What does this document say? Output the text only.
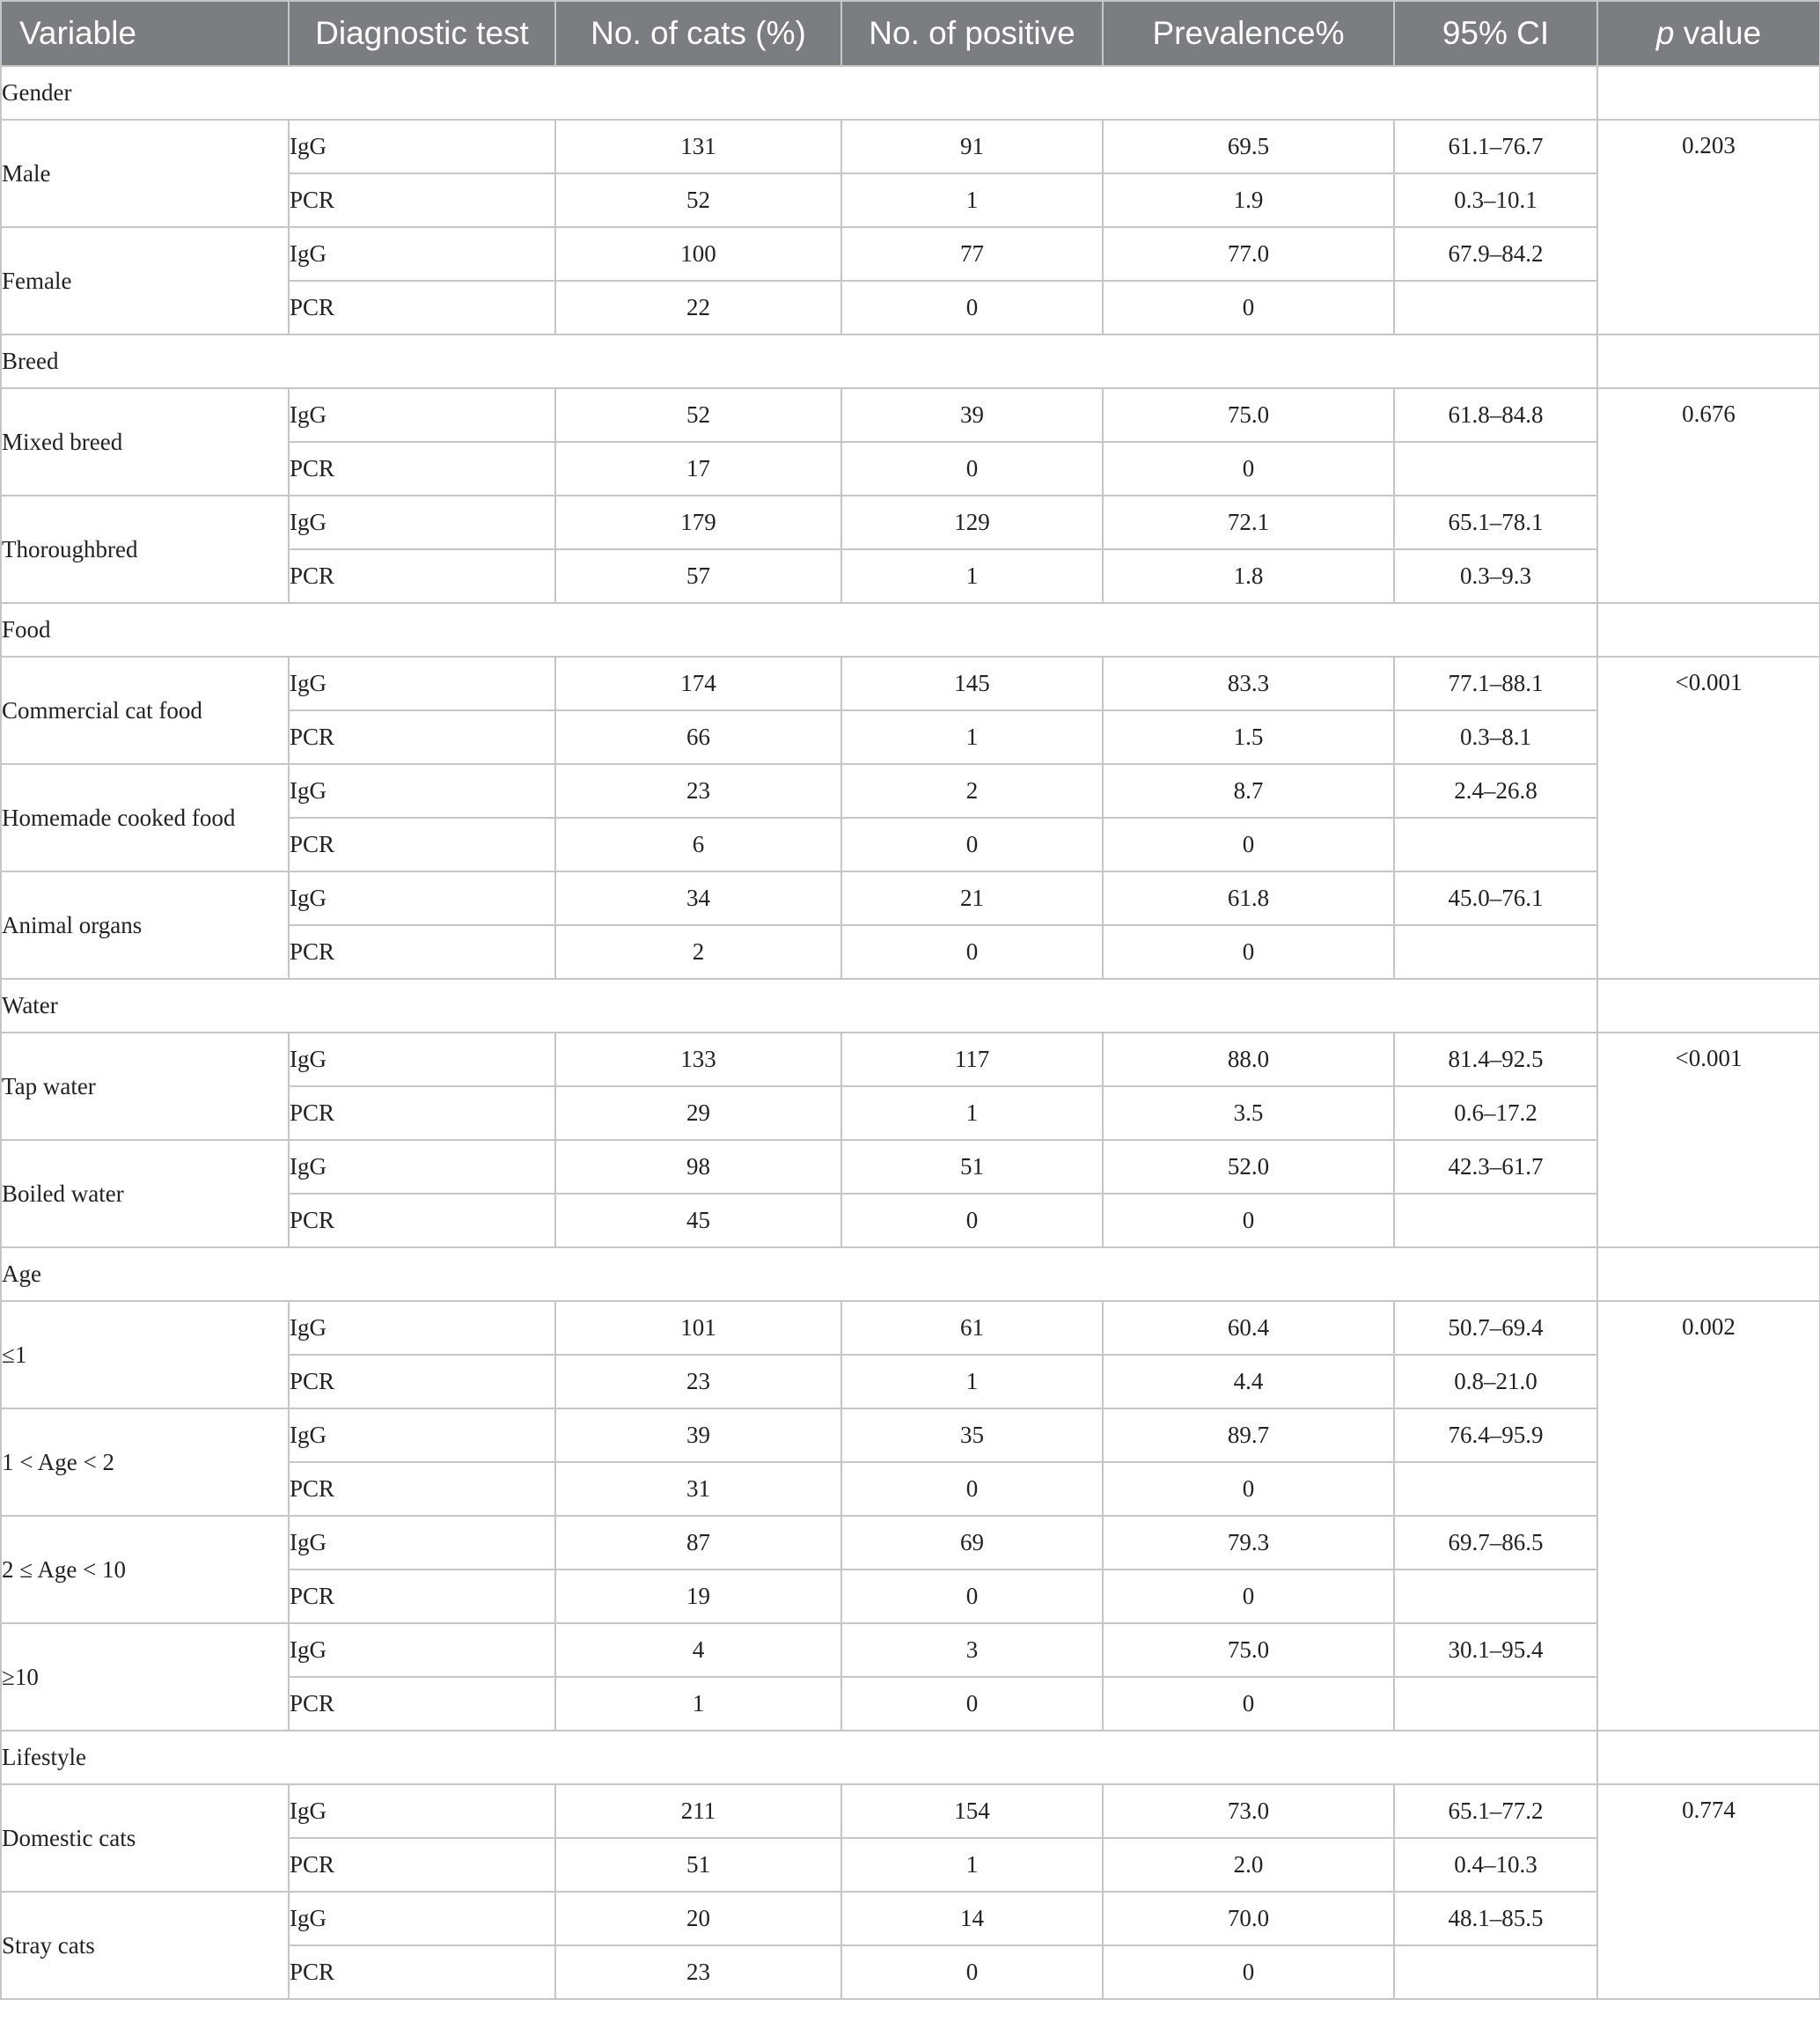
Variable	Diagnostic test	No. of cats (%)	No. of positive	Prevalence%	95% CI	p value
Gender						
Male	IgG	131	91	69.5	61.1–76.7	0.203

	PCR	52	1	1.9	0.3–10.1	
Female	IgG	100	77	77.0	67.9–84.2	
	PCR	22	0	0		
Breed						
Mixed breed	IgG	52	39	75.0	61.8–84.8	0.676

	PCR	17	0	0		
Thoroughbred	IgG	179	129	72.1	65.1–78.1	
	PCR	57	1	1.8	0.3–9.3	
Food						
Commercial cat food	IgG	174	145	83.3	77.1–88.1	<0.001

	PCR	66	1	1.5	0.3–8.1	
Homemade cooked food	IgG	23	2	8.7	2.4–26.8	
	PCR	6	0	0		
Animal organs	IgG	34	21	61.8	45.0–76.1	
	PCR	2	0	0		
Water						
Tap water	IgG	133	117	88.0	81.4–92.5	<0.001

	PCR	29	1	3.5	0.6–17.2	
Boiled water	IgG	98	51	52.0	42.3–61.7	
	PCR	45	0	0		
Age						
≤1	IgG	101	61	60.4	50.7–69.4	0.002

	PCR	23	1	4.4	0.8–21.0	
1 < Age < 2	IgG	39	35	89.7	76.4–95.9	
	PCR	31	0	0		
2 ≤ Age < 10	IgG	87	69	79.3	69.7–86.5	
	PCR	19	0	0		
≥10	IgG	4	3	75.0	30.1–95.4	
	PCR	1	0	0		
Lifestyle						
Domestic cats	IgG	211	154	73.0	65.1–77.2	0.774

	PCR	51	1	2.0	0.4–10.3	
Stray cats	IgG	20	14	70.0	48.1–85.5	
	PCR	23	0	0		
